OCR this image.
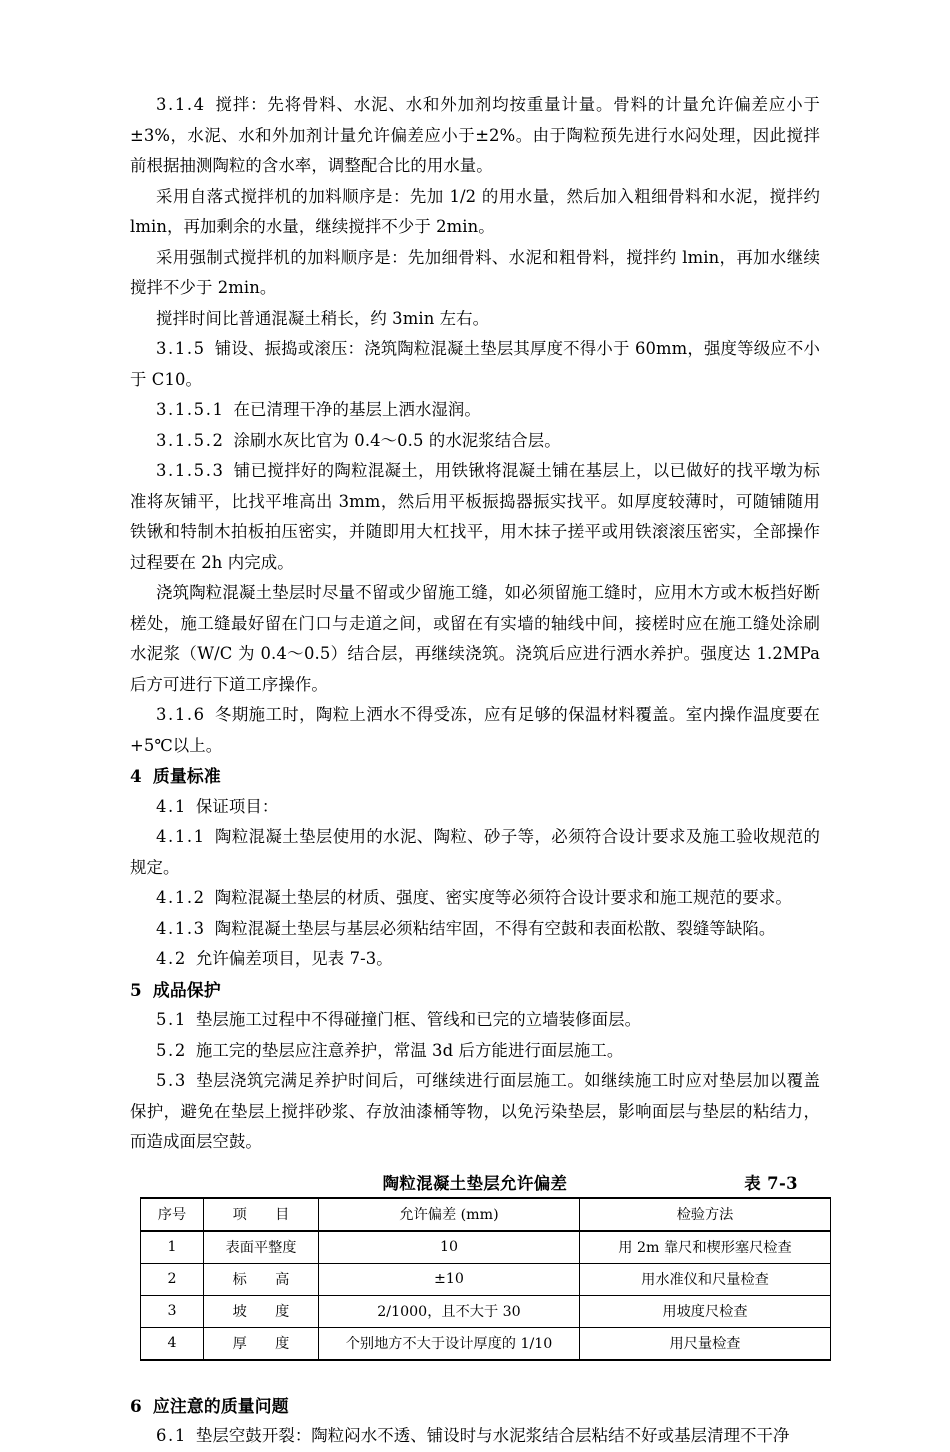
3.1.4 搅拌：先将骨料、水泥、水和外加剂均按重量计量。骨料的计量允许偏差应小于±3%，水泥、水和外加剂计量允许偏差应小于±2%。由于陶粒预先进行水闷处理，因此搅拌前根据抽测陶粒的含水率，调整配合比的用水量。

采用自落式搅拌机的加料顺序是：先加 1/2 的用水量，然后加入粗细骨料和水泥，搅拌约 lmin，再加剩余的水量，继续搅拌不少于 2min。

采用强制式搅拌机的加料顺序是：先加细骨料、水泥和粗骨料，搅拌约 lmin，再加水继续搅拌不少于 2min。

搅拌时间比普通混凝土稍长，约 3min 左右。

3.1.5 铺设、振捣或滚压：浇筑陶粒混凝土垫层其厚度不得小于 60mm，强度等级应不小于 C10。

3.1.5.1 在已清理干净的基层上洒水湿润。

3.1.5.2 涂刷水灰比官为 0.4～0.5 的水泥浆结合层。

3.1.5.3 铺已搅拌好的陶粒混凝土，用铁锹将混凝土铺在基层上，以已做好的找平墩为标准将灰铺平，比找平堆高出 3mm，然后用平板振捣器振实找平。如厚度较薄时，可随铺随用铁锹和特制木拍板拍压密实，并随即用大杠找平，用木抹子搓平或用铁滚滚压密实，全部操作过程要在 2h 内完成。

浇筑陶粒混凝土垫层时尽量不留或少留施工缝，如必须留施工缝时，应用木方或木板挡好断槎处，施工缝最好留在门口与走道之间，或留在有实墙的轴线中间，接槎时应在施工缝处涂刷水泥浆（W/C 为 0.4～0.5）结合层，再继续浇筑。浇筑后应进行洒水养护。强度达 1.2MPa 后方可进行下道工序操作。

3.1.6 冬期施工时，陶粒上洒水不得受冻，应有足够的保温材料覆盖。室内操作温度要在+5℃以上。

4 质量标准

4.1 保证项目：

4.1.1 陶粒混凝土垫层使用的水泥、陶粒、砂子等，必须符合设计要求及施工验收规范的规定。

4.1.2 陶粒混凝土垫层的材质、强度、密实度等必须符合设计要求和施工规范的要求。

4.1.3 陶粒混凝土垫层与基层必须粘结牢固，不得有空鼓和表面松散、裂缝等缺陷。

4.2 允许偏差项目，见表 7-3。

5 成品保护

5.1 垫层施工过程中不得碰撞门框、管线和已完的立墙装修面层。

5.2 施工完的垫层应注意养护，常温 3d 后方能进行面层施工。

5.3 垫层浇筑完满足养护时间后，可继续进行面层施工。如继续施工时应对垫层加以覆盖保护，避免在垫层上搅拌砂浆、存放油漆桶等物，以免污染垫层，影响面层与垫层的粘结力，而造成面层空鼓。

陶粒混凝土垫层允许偏差	表 7-3
序号	项　　目	允许偏差 (mm)	检验方法
1	表面平整度	10	用 2m 靠尺和楔形塞尺检查
2	标　　高	±10	用水准仪和尺量检查
3	坡　　度	2/1000，且不大于 30	用坡度尺检查
4	厚　　度	个别地方不大于设计厚度的 1/10	用尺量检查

6 应注意的质量问题

6.1 垫层空鼓开裂：陶粒闷水不透、铺设时与水泥浆结合层粘结不好或基层清理不干净
